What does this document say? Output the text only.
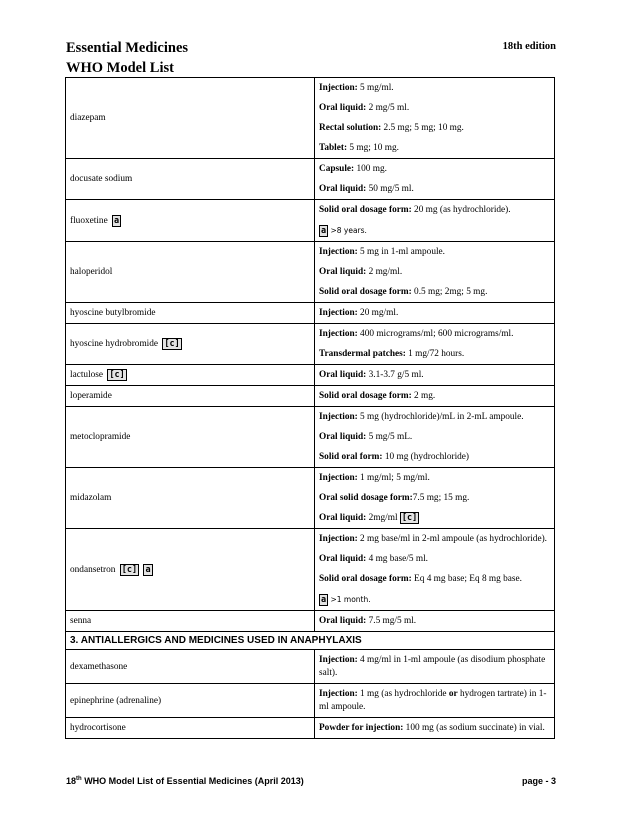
Essential Medicines
WHO Model List
18th edition
diazepam	Injection: 5 mg/ml.
Oral liquid: 2 mg/5 ml.
Rectal solution: 2.5 mg; 5 mg; 10 mg.
Tablet: 5 mg; 10 mg.

docusate sodium	Capsule: 100 mg.
Oral liquid: 50 mg/5 ml.

fluoxetine a	Solid oral dosage form: 20 mg (as hydrochloride).
a >8 years.

haloperidol	Injection: 5 mg in 1-ml ampoule.
Oral liquid: 2 mg/ml.
Solid oral dosage form: 0.5 mg; 2mg; 5 mg.

hyoscine butylbromide	Injection: 20 mg/ml.

hyoscine hydrobromide [c]	Injection: 400 micrograms/ml; 600 micrograms/ml.
Transdermal patches: 1 mg/72 hours.

lactulose [c]	Oral liquid: 3.1-3.7 g/5 ml.

loperamide	Solid oral dosage form: 2 mg.

metoclopramide	Injection: 5 mg (hydrochloride)/mL in 2-mL ampoule.
Oral liquid: 5 mg/5 mL.
Solid oral form: 10 mg (hydrochloride)

midazolam	Injection: 1 mg/ml; 5 mg/ml.
Oral solid dosage form:7.5 mg; 15 mg.
Oral liquid: 2mg/ml [c]

ondansetron [c] a	Injection: 2 mg base/ml in 2-ml ampoule (as hydrochloride).
Oral liquid: 4 mg base/5 ml.
Solid oral dosage form: Eq 4 mg base; Eq 8 mg base.
a >1 month.

senna	Oral liquid: 7.5 mg/5 ml.

3. ANTIALLERGICS AND MEDICINES USED IN ANAPHYLAXIS	
dexamethasone	Injection: 4 mg/ml in 1-ml ampoule (as disodium phosphate salt).

epinephrine (adrenaline)	Injection: 1 mg (as hydrochloride or hydrogen tartrate) in 1-ml ampoule.

hydrocortisone	Powder for injection: 100 mg (as sodium succinate) in vial.
18th WHO Model List of Essential Medicines (April 2013)	page - 3
